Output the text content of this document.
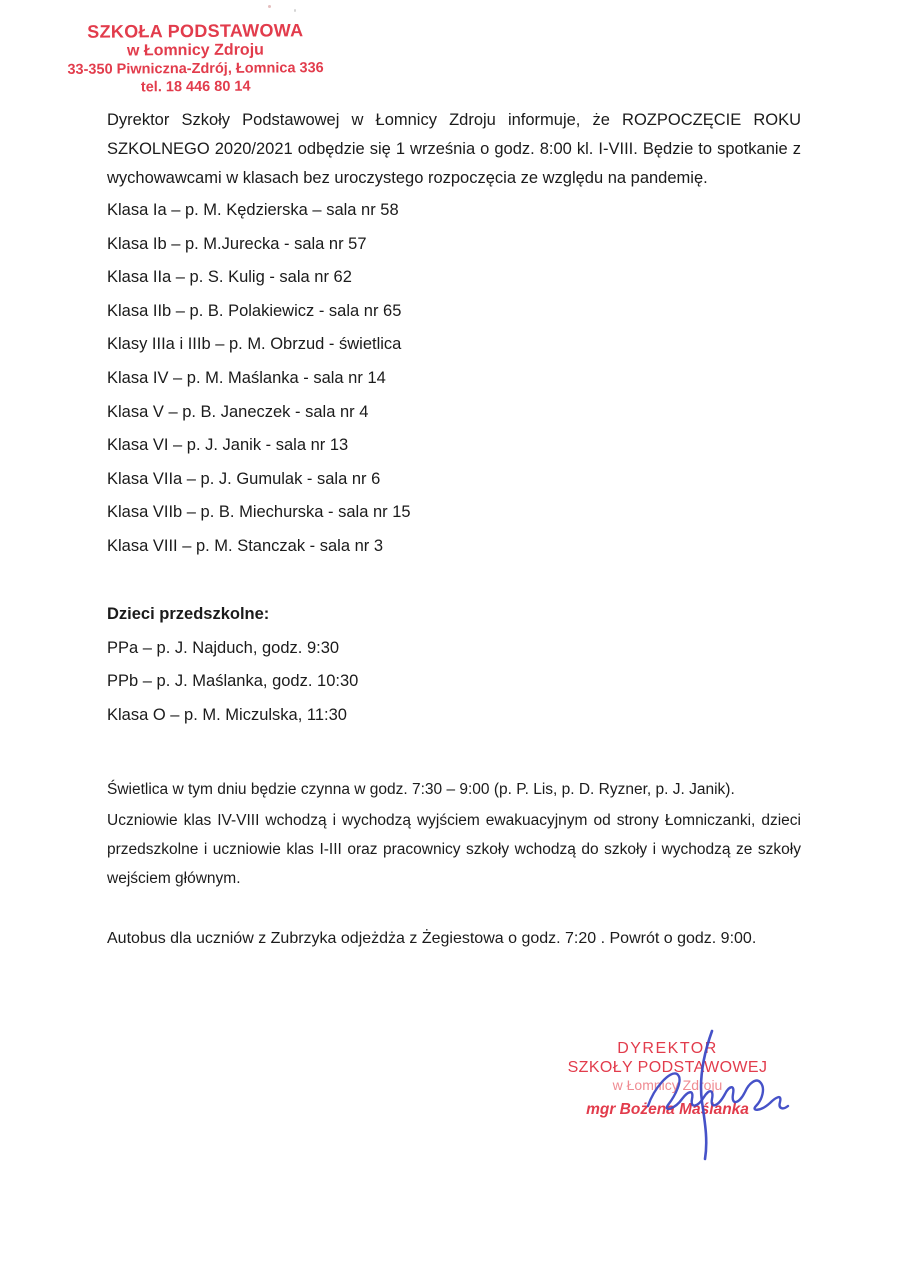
SZKOŁA PODSTAWOWA
w Łomnicy Zdroju
33-350 Piwniczna-Zdrój, Łomnica 336
tel. 18 446 80 14
Dyrektor Szkoły Podstawowej w Łomnicy Zdroju informuje, że ROZPOCZĘCIE ROKU SZKOLNEGO 2020/2021 odbędzie się 1 września o godz. 8:00 kl. I-VIII. Będzie to spotkanie z wychowawcami w klasach bez uroczystego rozpoczęcia ze względu na pandemię.
Klasa Ia – p. M. Kędzierska – sala nr 58
Klasa Ib – p. M.Jurecka - sala nr 57
Klasa IIa – p. S. Kulig - sala nr 62
Klasa IIb – p. B. Polakiewicz - sala nr 65
Klasy IIIa i IIIb – p. M. Obrzud - świetlica
Klasa IV – p. M. Maślanka - sala nr 14
Klasa V – p. B. Janeczek - sala nr 4
Klasa VI – p. J. Janik - sala nr 13
Klasa VIIa – p. J. Gumulak - sala nr 6
Klasa VIIb – p. B. Miechurska - sala nr 15
Klasa VIII – p. M. Stanczak - sala nr 3
Dzieci przedszkolne:
PPa – p. J. Najduch, godz. 9:30
PPb – p. J. Maślanka, godz. 10:30
Klasa O – p. M. Miczulska, 11:30
Świetlica w tym dniu będzie czynna w godz. 7:30 – 9:00 (p. P. Lis, p. D. Ryzner, p. J. Janik).
Uczniowie klas IV-VIII wchodzą i wychodzą wyjściem ewakuacyjnym od strony Łomniczanki, dzieci przedszkolne i uczniowie klas I-III oraz pracownicy szkoły wchodzą do szkoły i wychodzą ze szkoły wejściem głównym.
Autobus dla uczniów z Zubrzyka odjeżdża z Żegiestowa o godz. 7:20 . Powrót o godz. 9:00.
DYREKTOR
SZKOŁY PODSTAWOWEJ
w Łomnicy Zdroju
mgr Bożena Maślanka
